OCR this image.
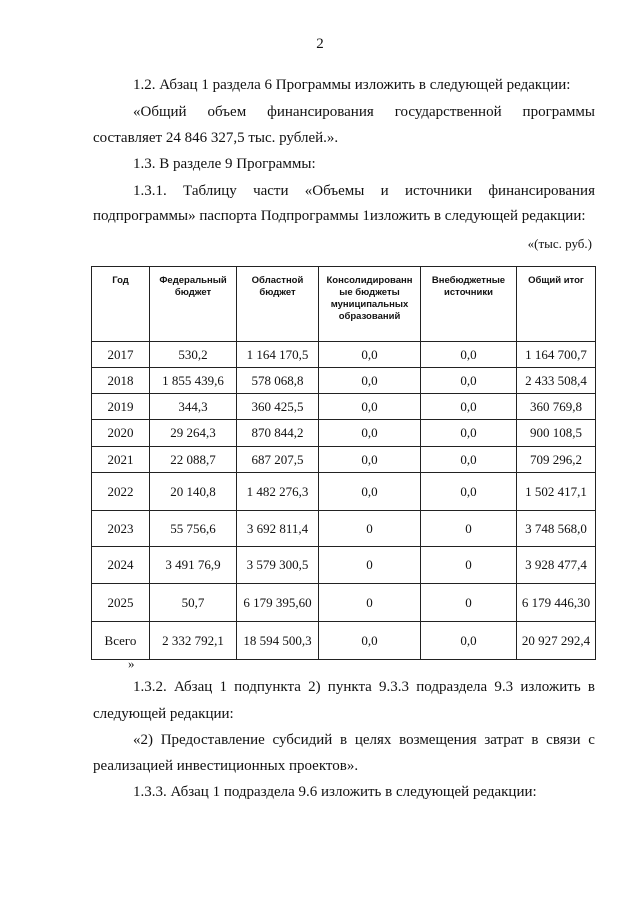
2

1.2. Абзац 1 раздела 6 Программы изложить в следующей редакции:

«Общий объем финансирования государственной программы

составляет 24 846 327,5 тыс. рублей.».

1.3. В разделе 9 Программы:

1.3.1. Таблицу части «Объемы и источники финансирования

подпрограммы» паспорта Подпрограммы 1изложить в следующей редакции:

«(тыс. руб.)
Год	Федеральный бюджет	Областной бюджет	Консолидированн ые бюджеты муниципальных образований	Внебюджетные источники	Общий итог
2017	530,2	1 164 170,5	0,0	0,0	1 164 700,7
2018	1 855 439,6	578 068,8	0,0	0,0	2 433 508,4
2019	344,3	360 425,5	0,0	0,0	360 769,8
2020	29 264,3	870 844,2	0,0	0,0	900 108,5
2021	22 088,7	687 207,5	0,0	0,0	709 296,2
2022	20 140,8	1 482 276,3	0,0	0,0	1 502 417,1
2023	55 756,6	3 692 811,4	0	0	3 748 568,0
2024	3 491 76,9	3 579 300,5	0	0	3 928 477,4
2025	50,7	6 179 395,60	0	0	6 179 446,30
Всего	2 332 792,1	18 594 500,3	0,0	0,0	20 927 292,4
»
1.3.2. Абзац 1 подпункта 2) пункта 9.3.3 подраздела 9.3 изложить в

следующей редакции:

«2) Предоставление субсидий в целях возмещения затрат в связи с

реализацией инвестиционных проектов».

1.3.3. Абзац 1 подраздела 9.6 изложить в следующей редакции:
